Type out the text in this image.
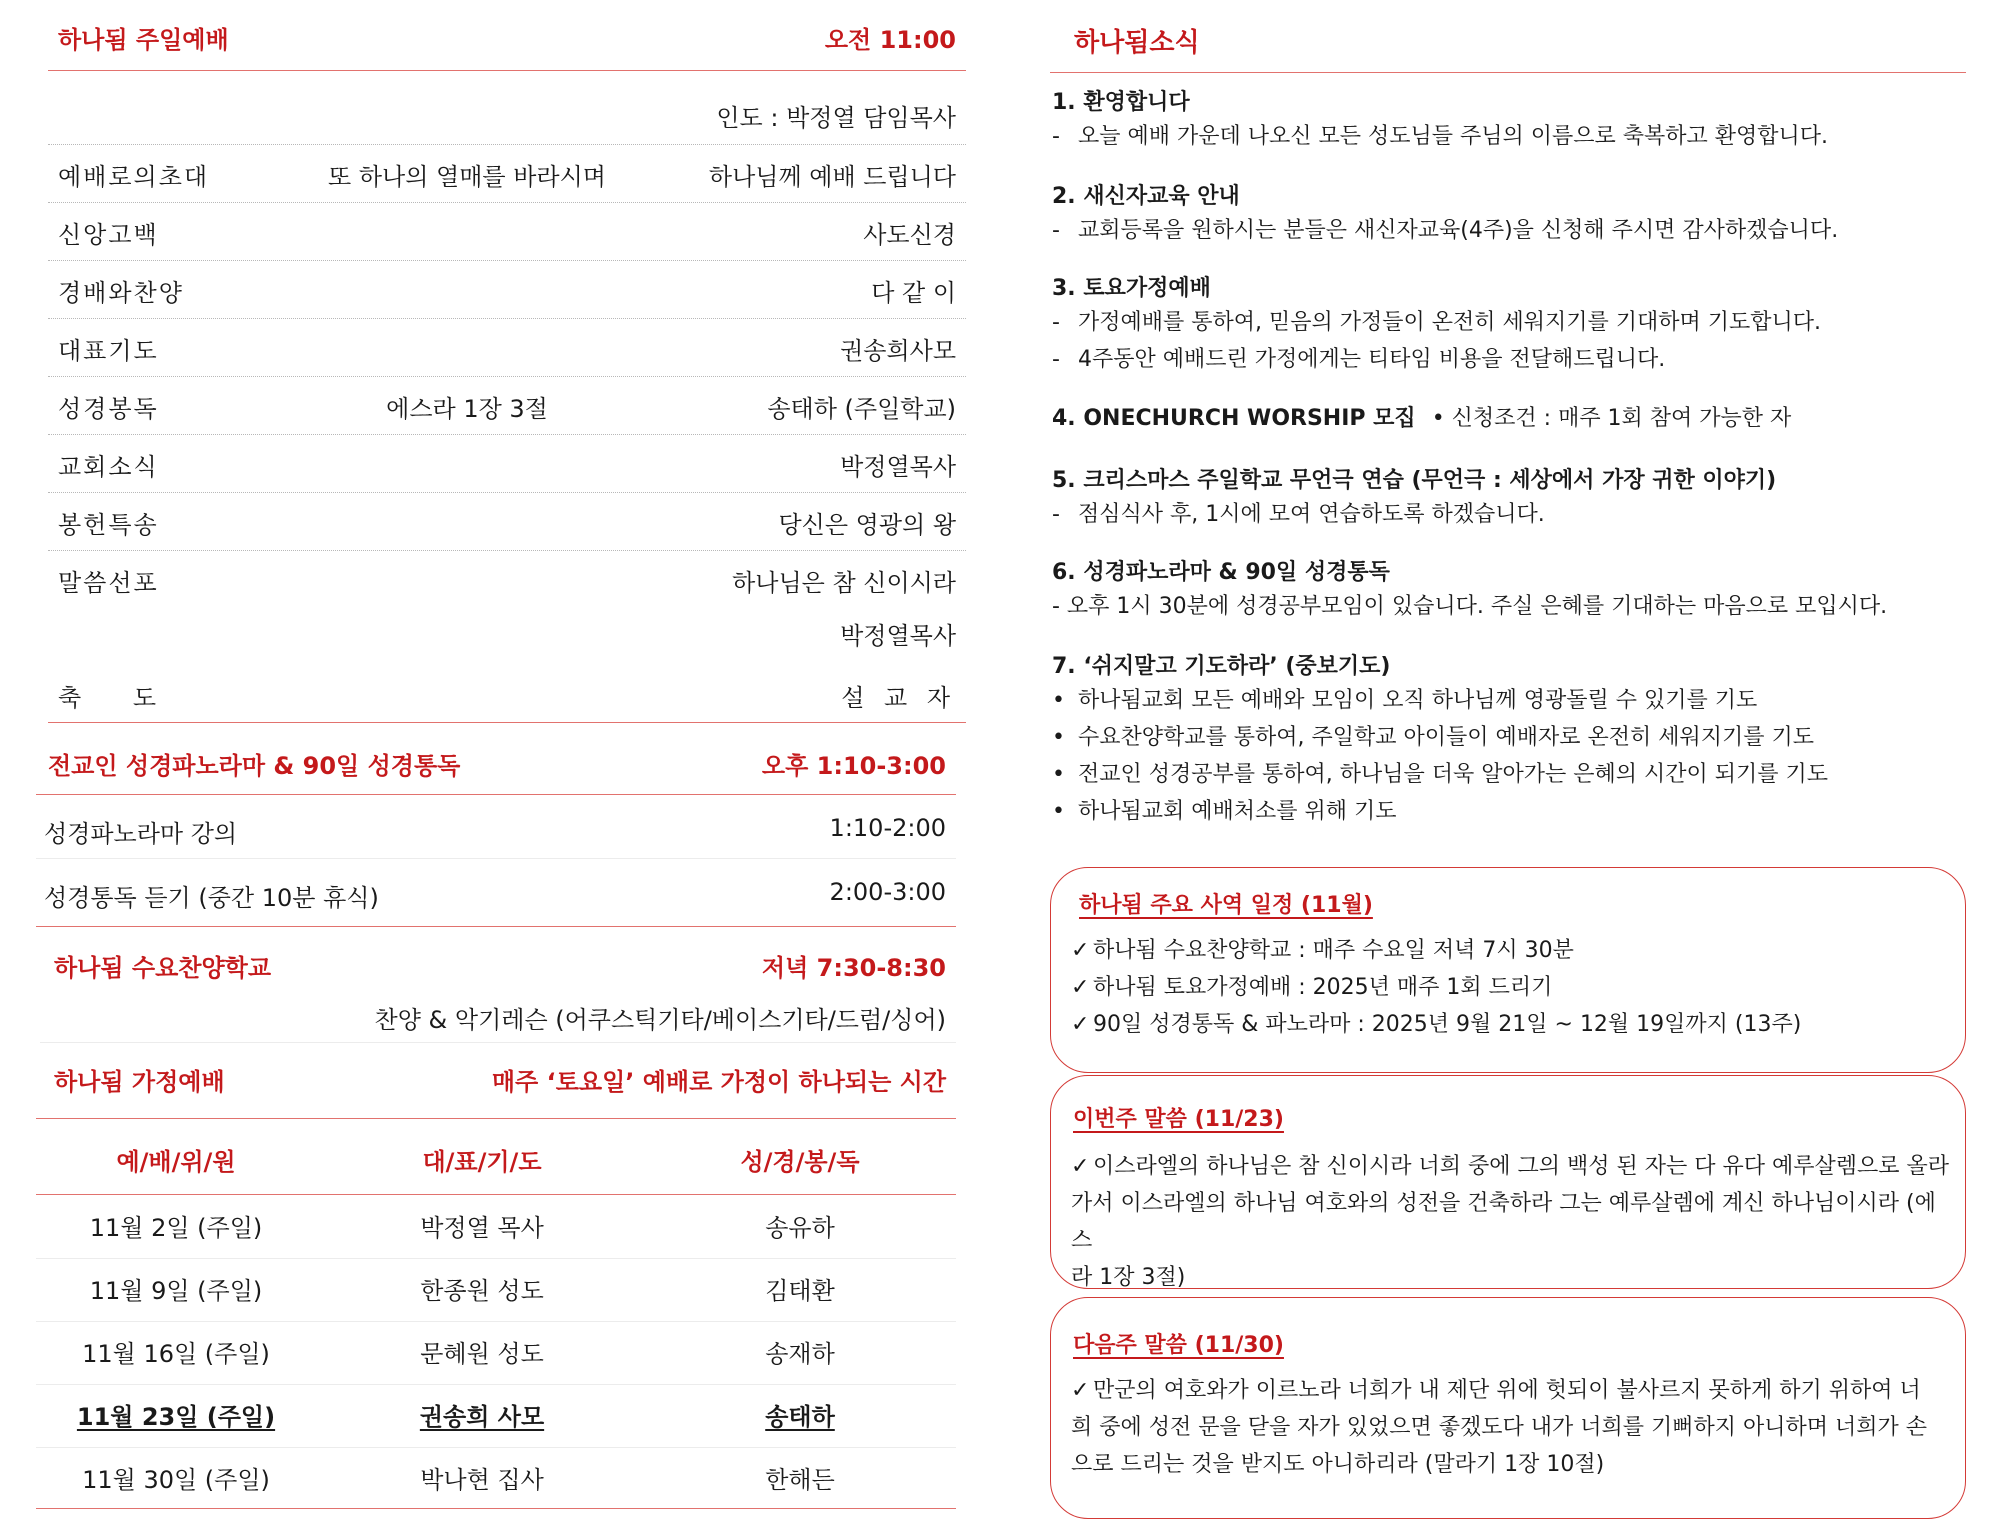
하나됨 주일예배	오전 11:00
인도 : 박정열 담임목사
예배로의초대	또 하나의 열매를 바라시며	하나님께 예배 드립니다
신앙고백	사도신경
경배와찬양	다 같 이
대표기도	권송희사모
성경봉독	에스라 1장 3절	송태하 (주일학교)
교회소식	박정열목사
봉헌특송	당신은 영광의 왕
말씀선포	하나님은 참 신이시라
박정열목사
축 도	설 교 자
전교인 성경파노라마 & 90일 성경통독	오후 1:10-3:00
성경파노라마 강의	1:10-2:00
성경통독 듣기 (중간 10분 휴식)	2:00-3:00
하나됨 수요찬양학교	저녁 7:30-8:30
찬양 & 악기레슨 (어쿠스틱기타/베이스기타/드럼/싱어)
하나됨 가정예배	매주 ‘토요일’ 예배로 가정이 하나되는 시간
예/배/위/원	대/표/기/도	성/경/봉/독
11월 2일 (주일)	박정열 목사	송유하
11월 9일 (주일)	한종원 성도	김태환
11월 16일 (주일)	문혜원 성도	송재하
11월 23일 (주일)	권송희 사모	송태하
11월 30일 (주일)	박나현 집사	한해든
하나됨소식
1. 환영합니다
- 오늘 예배 가운데 나오신 모든 성도님들 주님의 이름으로 축복하고 환영합니다.
2. 새신자교육 안내
- 교회등록을 원하시는 분들은 새신자교육(4주)을 신청해 주시면 감사하겠습니다.
3. 토요가정예배
- 가정예배를 통하여, 믿음의 가정들이 온전히 세워지기를 기대하며 기도합니다.
- 4주동안 예배드린 가정에게는 티타임 비용을 전달해드립니다.
4. ONECHURCH WORSHIP 모집 • 신청조건 : 매주 1회 참여 가능한 자
5. 크리스마스 주일학교 무언극 연습 (무언극 : 세상에서 가장 귀한 이야기)
- 점심식사 후, 1시에 모여 연습하도록 하겠습니다.
6. 성경파노라마 & 90일 성경통독
- 오후 1시 30분에 성경공부모임이 있습니다. 주실 은혜를 기대하는 마음으로 모입시다.
7. ‘쉬지말고 기도하라’ (중보기도)
• 하나됨교회 모든 예배와 모임이 오직 하나님께 영광돌릴 수 있기를 기도
• 수요찬양학교를 통하여, 주일학교 아이들이 예배자로 온전히 세워지기를 기도
• 전교인 성경공부를 통하여, 하나님을 더욱 알아가는 은혜의 시간이 되기를 기도
• 하나됨교회 예배처소를 위해 기도
하나됨 주요 사역 일정 (11월)
✓ 하나됨 수요찬양학교 : 매주 수요일 저녁 7시 30분
✓ 하나됨 토요가정예배 : 2025년 매주 1회 드리기
✓ 90일 성경통독 & 파노라마 : 2025년 9월 21일 ~ 12월 19일까지 (13주)
이번주 말씀 (11/23)
✓ 이스라엘의 하나님은 참 신이시라 너희 중에 그의 백성 된 자는 다 유다 예루살렘으로 올라
가서 이스라엘의 하나님 여호와의 성전을 건축하라 그는 예루살렘에 계신 하나님이시라 (에스
라 1장 3절)
다음주 말씀 (11/30)
✓ 만군의 여호와가 이르노라 너희가 내 제단 위에 헛되이 불사르지 못하게 하기 위하여 너
희 중에 성전 문을 닫을 자가 있었으면 좋겠도다 내가 너희를 기뻐하지 아니하며 너희가 손
으로 드리는 것을 받지도 아니하리라 (말라기 1장 10절)
